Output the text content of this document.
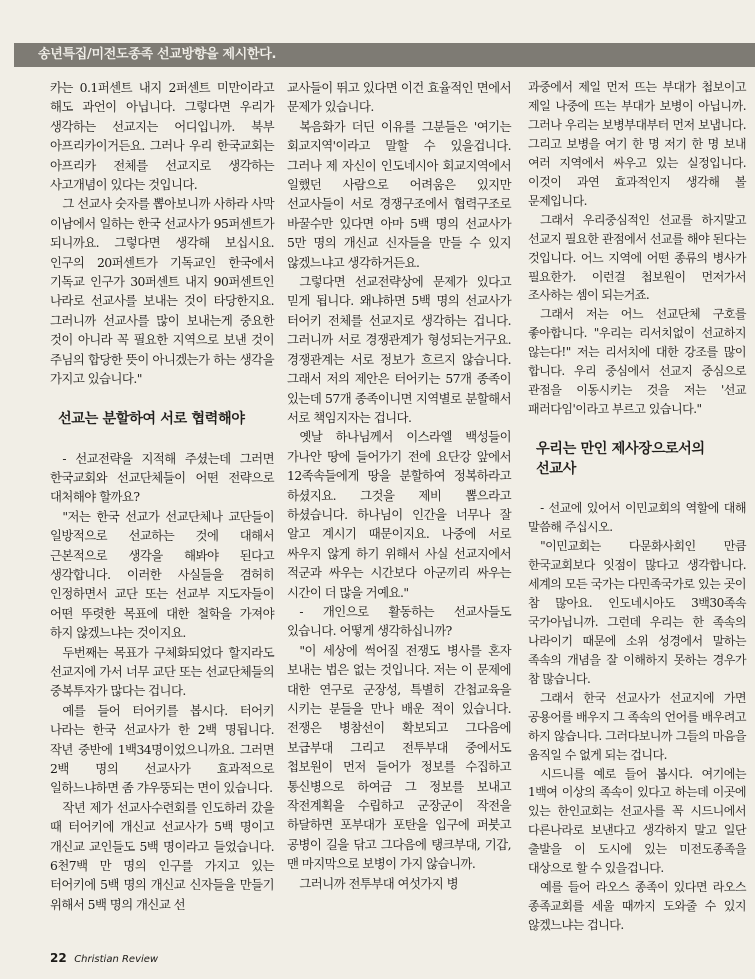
송년특집/미전도종족 선교방향을 제시한다.

카는 0.1퍼센트 내지 2퍼센트 미만이라고 해도 과언이 아닙니다. 그렇다면 우리가 생각하는 선교지는 어디입니까. 북부 아프리카이거든요. 그러나 우리 한국교회는 아프리카 전체를 선교지로 생각하는 사고개념이 있다는 것입니다.

그 선교사 숫자를 뽑아보니까 사하라 사막 이남에서 일하는 한국 선교사가 95퍼센트가 되니까요. 그렇다면 생각해 보십시요. 인구의 20퍼센트가 기독교인 한국에서 기독교 인구가 30퍼센트 내지 90퍼센트인 나라로 선교사를 보내는 것이 타당한지요. 그러니까 선교사를 많이 보내는게 중요한 것이 아니라 꼭 필요한 지역으로 보낸 것이 주님의 합당한 뜻이 아니겠는가 하는 생각을 가지고 있습니다."

선교는 분할하여 서로 협력해야

- 선교전략을 지적해 주셨는데 그러면 한국교회와 선교단체들이 어떤 전략으로 대처해야 할까요?

"저는 한국 선교가 선교단체나 교단들이 일방적으로 선교하는 것에 대해서 근본적으로 생각을 해봐야 된다고 생각합니다. 이러한 사실들을 겸허히 인정하면서 교단 또는 선교부 지도자들이 어떤 뚜렷한 목표에 대한 철학을 가져야 하지 않겠느냐는 것이지요.

두번째는 목표가 구체화되었다 할지라도 선교지에 가서 너무 교단 또는 선교단체들의 중복투자가 많다는 겁니다.

예를 들어 터어키를 봅시다. 터어키 나라는 한국 선교사가 한 2백 명됩니다. 작년 중반에 1백34명이었으니까요. 그러면 2백 명의 선교사가 효과적으로 일하느냐하면 좀 갸우뚱되는 면이 있습니다.

작년 제가 선교사수련회를 인도하러 갔을 때 터어키에 개신교 선교사가 5백 명이고 개신교 교인들도 5백 명이라고 들었습니다. 6천7백 만 명의 인구를 가지고 있는 터어키에 5백 명의 개신교 신자들을 만들기 위해서 5백 명의 개신교 선

교사들이 뛰고 있다면 이건 효율적인 면에서 문제가 있습니다.

복음화가 더딘 이유를 그분들은 '여기는 회교지역'이라고 말할 수 있을겁니다. 그러나 제 자신이 인도네시아 회교지역에서 일했던 사람으로 어려움은 있지만 선교사들이 서로 경쟁구조에서 협력구조로 바꿀수만 있다면 아마 5백 명의 선교사가 5만 명의 개신교 신자들을 만들 수 있지 않겠느냐고 생각하거든요.

그렇다면 선교전략상에 문제가 있다고 믿게 됩니다. 왜냐하면 5백 명의 선교사가 터어키 전체를 선교지로 생각하는 겁니다. 그러니까 서로 경쟁관계가 형성되는거구요. 경쟁관계는 서로 정보가 흐르지 않습니다. 그래서 저의 제안은 터어키는 57개 종족이 있는데 57개 종족이니면 지역별로 분할해서 서로 책임지자는 겁니다.

옛날 하나님께서 이스라엘 백성들이 가나안 땅에 들어가기 전에 요단강 앞에서 12족속들에게 땅을 분할하여 정복하라고 하셨지요. 그것을 제비 뽑으라고 하셨습니다. 하나님이 인간을 너무나 잘 알고 계시기 때문이지요. 나중에 서로 싸우지 않게 하기 위해서 사실 선교지에서 적군과 싸우는 시간보다 아군끼리 싸우는 시간이 더 많을 거예요."

- 개인으로 활동하는 선교사들도 있습니다. 어떻게 생각하십니까?

"이 세상에 썩어질 전쟁도 병사를 혼자 보내는 법은 없는 것입니다. 저는 이 문제에 대한 연구로 군장성, 특별히 간첩교육을 시키는 분들을 만나 배운 적이 있습니다. 전쟁은 병참선이 확보되고 그다음에 보급부대 그리고 전투부대 중에서도 첩보원이 먼저 들어가 정보를 수집하고 통신병으로 하여금 그 정보를 보내고 작전계획을 수립하고 군장군이 작전을 하달하면 포부대가 포탄을 입구에 퍼붓고 공병이 길을 닦고 그다음에 탱크부대, 기갑, 맨 마지막으로 보병이 가지 않습니까.

그러니까 전투부대 여섯가지 병

과중에서 제일 먼저 뜨는 부대가 첩보이고 제일 나중에 뜨는 부대가 보병이 아닙니까. 그러나 우리는 보병부대부터 먼저 보냅니다. 그리고 보병을 여기 한 명 저기 한 명 보내 여러 지역에서 싸우고 있는 실정입니다. 이것이 과연 효과적인지 생각해 볼 문제입니다.

그래서 우리중심적인 선교를 하지말고 선교지 필요한 관점에서 선교를 해야 된다는 것입니다. 어느 지역에 어떤 종류의 병사가 필요한가. 이런걸 첩보원이 먼저가서 조사하는 셈이 되는거죠.

그래서 저는 어느 선교단체 구호를 좋아합니다. "우리는 리서치없이 선교하지 않는다!" 저는 리서치에 대한 강조를 많이 합니다. 우리 중심에서 선교지 중심으로 관점을 이동시키는 것을 저는 '선교 패러다임'이라고 부르고 있습니다."

우리는 만인 제사장으로서의 선교사

- 선교에 있어서 이민교회의 역할에 대해 말씀해 주십시오.

"이민교회는 다문화사회인 만큼 한국교회보다 잇점이 많다고 생각합니다. 세계의 모든 국가는 다민족국가로 있는 곳이 참 많아요. 인도네시아도 3백30족속 국가아닙니까. 그런데 우리는 한 족속의 나라이기 때문에 소위 성경에서 말하는 족속의 개념을 잘 이해하지 못하는 경우가 참 많습니다.

그래서 한국 선교사가 선교지에 가면 공용어를 배우지 그 족속의 언어를 배우려고 하지 않습니다. 그러다보니까 그들의 마음을 움직일 수 없게 되는 겁니다.

시드니를 예로 들어 봅시다. 여기에는 1백여 이상의 족속이 있다고 하는데 이곳에 있는 한인교회는 선교사를 꼭 시드니에서 다른나라로 보낸다고 생각하지 말고 일단 출발을 이 도시에 있는 미전도종족을 대상으로 할 수 있을겁니다.

예를 들어 라오스 종족이 있다면 라오스 종족교회를 세울 때까지 도와줄 수 있지 않겠느냐는 겁니다.

22 Christian Review
